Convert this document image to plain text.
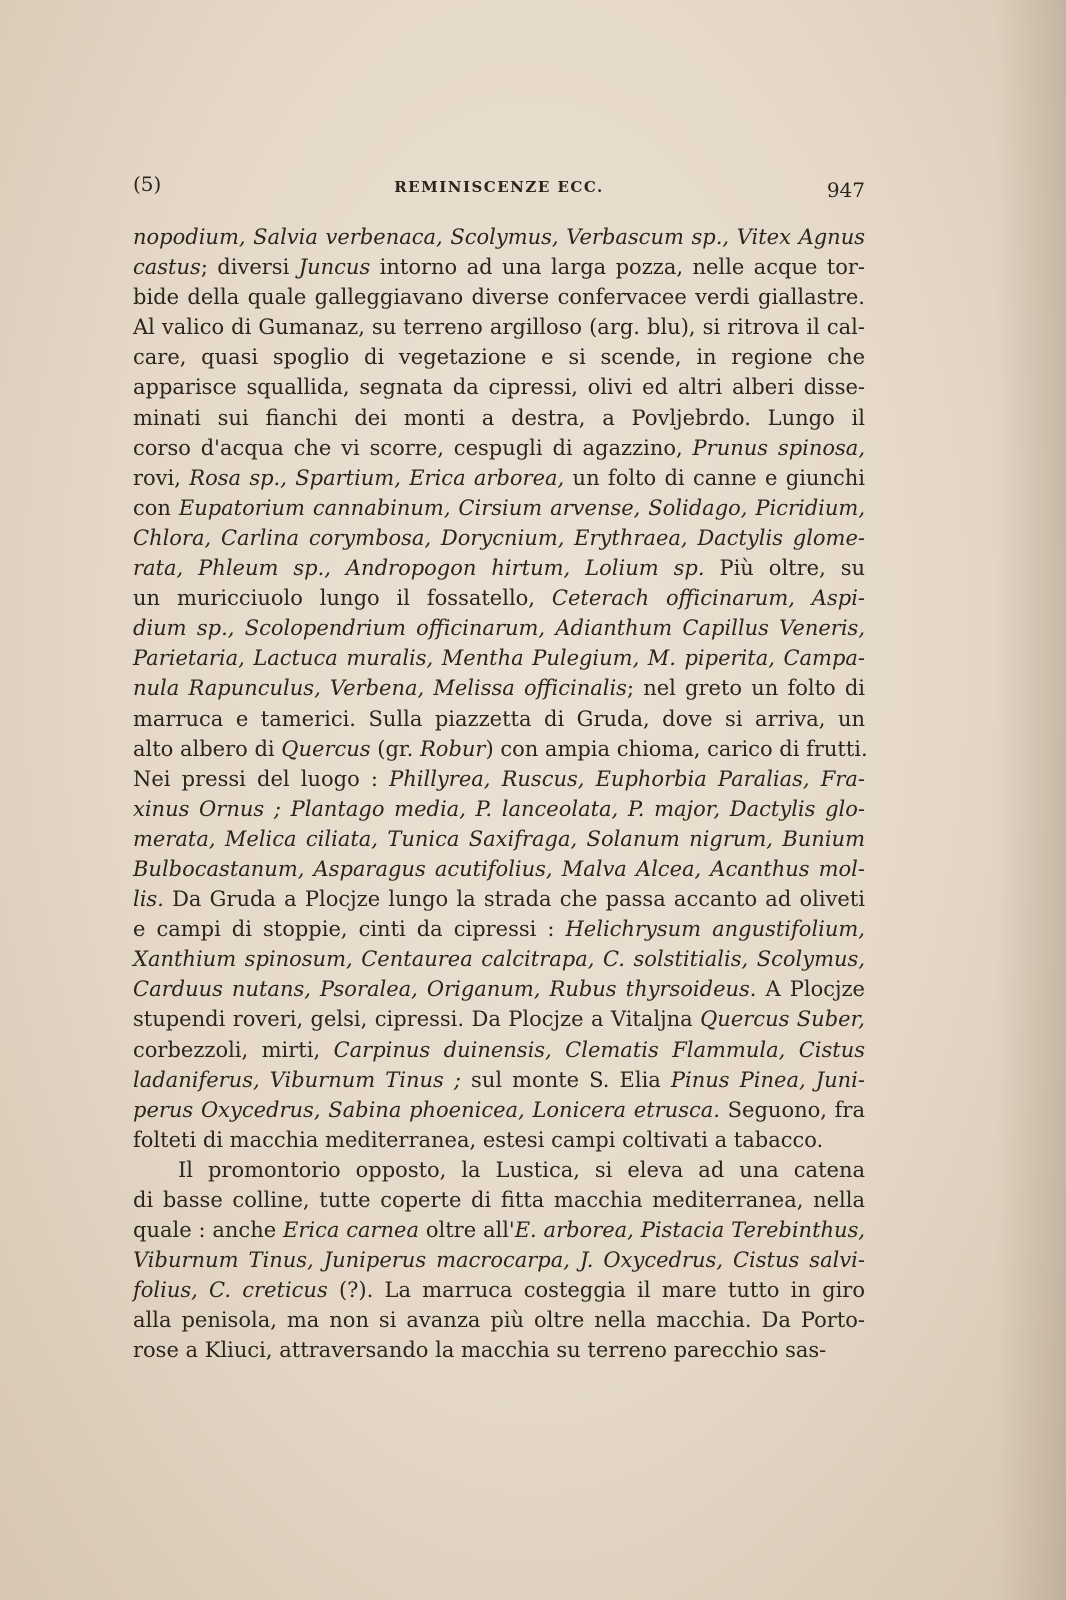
(5)	REMINISCENZE ECC.	947
nopodium, Salvia verbenaca, Scolymus, Verbascum sp., Vitex Agnus
castus; diversi Juncus intorno ad una larga pozza, nelle acque tor-
bide della quale galleggiavano diverse confervacee verdi giallastre.
Al valico di Gumanaz, su terreno argilloso (arg. blu), si ritrova il cal-
care, quasi spoglio di vegetazione e si scende, in regione che
apparisce squallida, segnata da cipressi, olivi ed altri alberi disse-
minati sui fianchi dei monti a destra, a Povljebrdo. Lungo il
corso d'acqua che vi scorre, cespugli di agazzino, Prunus spinosa,
rovi, Rosa sp., Spartium, Erica arborea, un folto di canne e giunchi
con Eupatorium cannabinum, Cirsium arvense, Solidago, Picridium,
Chlora, Carlina corymbosa, Dorycnium, Erythraea, Dactylis glome-
rata, Phleum sp., Andropogon hirtum, Lolium sp. Più oltre, su
un muricciuolo lungo il fossatello, Ceterach officinarum, Aspi-
dium sp., Scolopendrium officinarum, Adianthum Capillus Veneris,
Parietaria, Lactuca muralis, Mentha Pulegium, M. piperita, Campa-
nula Rapunculus, Verbena, Melissa officinalis; nel greto un folto di
marruca e tamerici. Sulla piazzetta di Gruda, dove si arriva, un
alto albero di Quercus (gr. Robur) con ampia chioma, carico di frutti.
Nei pressi del luogo : Phillyrea, Ruscus, Euphorbia Paralias, Fra-
xinus Ornus ; Plantago media, P. lanceolata, P. major, Dactylis glo-
merata, Melica ciliata, Tunica Saxifraga, Solanum nigrum, Bunium
Bulbocastanum, Asparagus acutifolius, Malva Alcea, Acanthus mol-
lis. Da Gruda a Plocjze lungo la strada che passa accanto ad oliveti
e campi di stoppie, cinti da cipressi : Helichrysum angustifolium,
Xanthium spinosum, Centaurea calcitrapa, C. solstitialis, Scolymus,
Carduus nutans, Psoralea, Origanum, Rubus thyrsoideus. A Plocjze
stupendi roveri, gelsi, cipressi. Da Plocjze a Vitaljna Quercus Suber,
corbezzoli, mirti, Carpinus duinensis, Clematis Flammula, Cistus
ladaniferus, Viburnum Tinus ; sul monte S. Elia Pinus Pinea, Juni-
perus Oxycedrus, Sabina phoenicea, Lonicera etrusca. Seguono, fra
folteti di macchia mediterranea, estesi campi coltivati a tabacco.
Il promontorio opposto, la Lustica, si eleva ad una catena
di basse colline, tutte coperte di fitta macchia mediterranea, nella
quale : anche Erica carnea oltre all'E. arborea, Pistacia Terebinthus,
Viburnum Tinus, Juniperus macrocarpa, J. Oxycedrus, Cistus salvi-
folius, C. creticus (?). La marruca costeggia il mare tutto in giro
alla penisola, ma non si avanza più oltre nella macchia. Da Porto-
rose a Kliuci, attraversando la macchia su terreno parecchio sas-
